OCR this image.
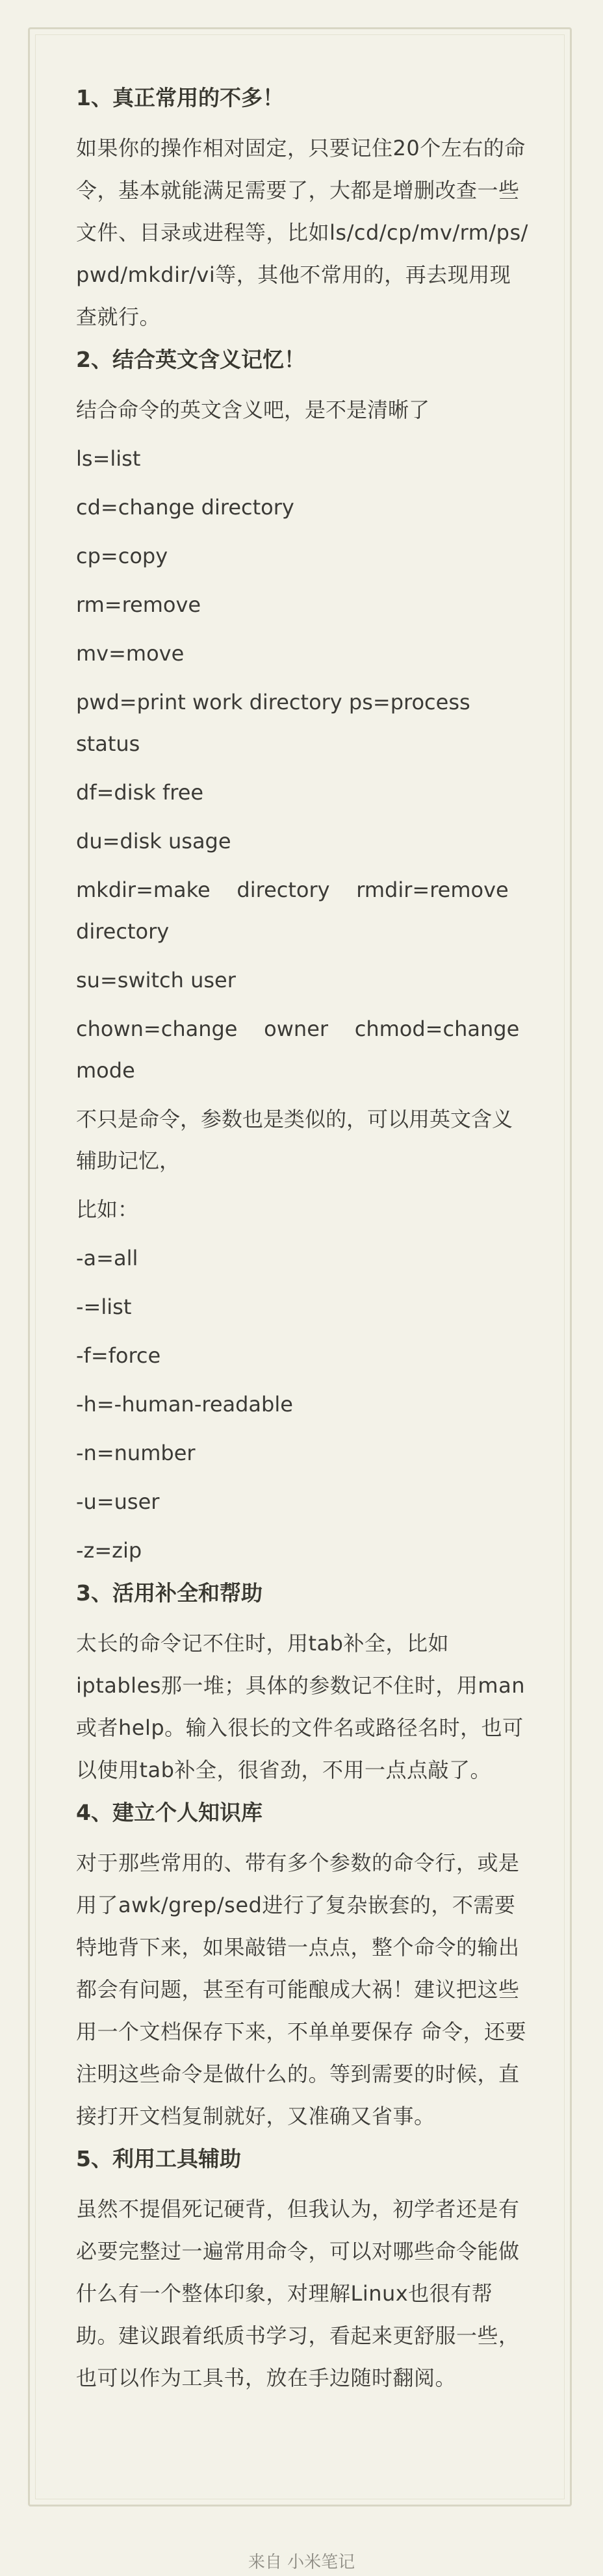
1、真正常用的不多！
如果你的操作相对固定，只要记住20个左右的命令，基本就能满足需要了，大都是增删改查一些文件、目录或进程等，比如ls/cd/cp/mv/rm/ps/ pwd/mkdir/vi等，其他不常用的，再去现用现查就行。
2、结合英文含义记忆！
结合命令的英文含义吧，是不是清晰了
ls=list
cd=change directory
cp=copy
rm=remove
mv=move
pwd=print work directory ps=process status
df=disk free
du=disk usage
mkdir=make    directory    rmdir=remove directory
su=switch user
chown=change    owner    chmod=change mode
不只是命令，参数也是类似的，可以用英文含义辅助记忆，
比如：
-a=all
-=list
-f=force
-h=-human-readable
-n=number
-u=user
-z=zip
3、活用补全和帮助
太长的命令记不住时，用tab补全，比如iptables那一堆；具体的参数记不住时，用man或者help。输入很长的文件名或路径名时，也可以使用tab补全，很省劲，不用一点点敲了。
4、建立个人知识库
对于那些常用的、带有多个参数的命令行，或是用了awk/grep/sed进行了复杂嵌套的，不需要 特地背下来，如果敲错一点点，整个命令的输出 都会有问题，甚至有可能酿成大祸！建议把这些用一个文档保存下来，不单单要保存 命令，还要注明这些命令是做什么的。等到需要的时候，直接打开文档复制就好，又准确又省事。
5、利用工具辅助
虽然不提倡死记硬背，但我认为，初学者还是有必要完整过一遍常用命令，可以对哪些命令能做什么有一个整体印象，对理解Linux也很有帮助。建议跟着纸质书学习，看起来更舒服一些，也可以作为工具书，放在手边随时翻阅。
来自 小米笔记
